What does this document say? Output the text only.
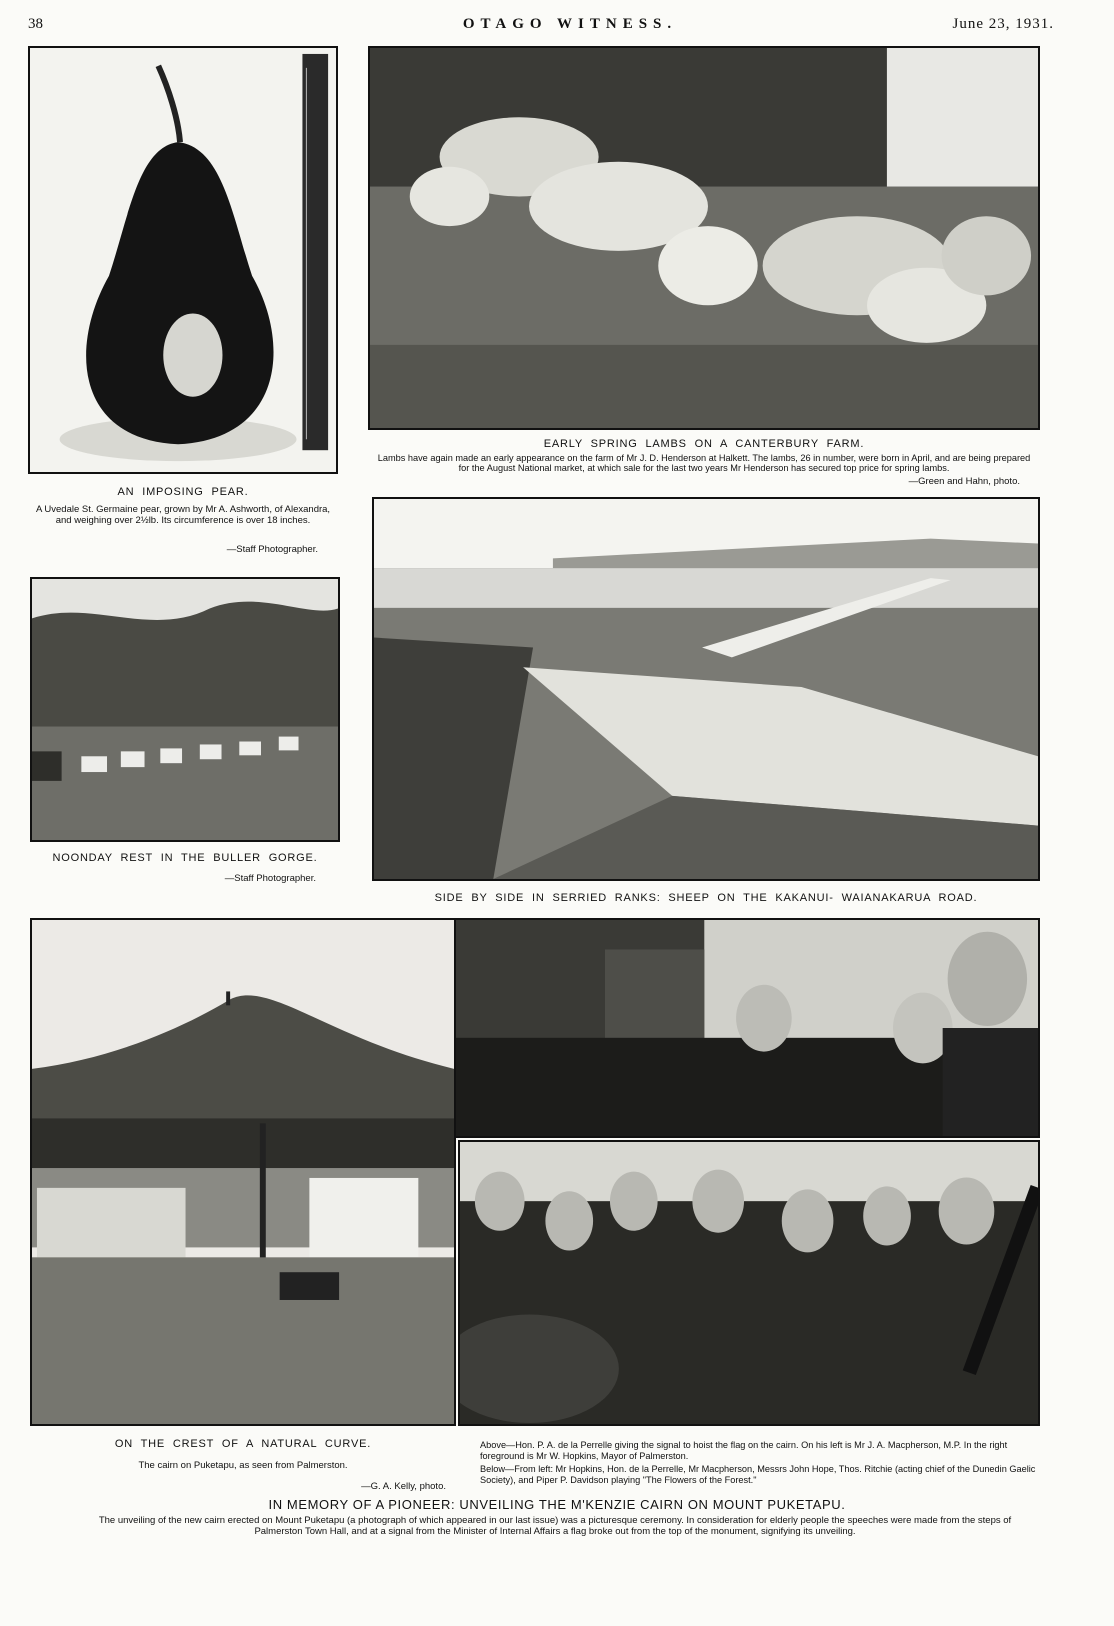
38	OTAGO WITNESS.	June 23, 1931.
AN IMPOSING PEAR.
A Uvedale St. Germaine pear, grown by Mr A. Ashworth, of Alexandra, and weighing over 2½lb. Its circumference is over 18 inches.
—Staff Photographer.
EARLY SPRING LAMBS ON A CANTERBURY FARM.
Lambs have again made an early appearance on the farm of Mr J. D. Henderson at Halkett. The lambs, 26 in number, were born in April, and are being prepared for the August National market, at which sale for the last two years Mr Henderson has secured top price for spring lambs.
—Green and Hahn, photo.
NOONDAY REST IN THE BULLER GORGE.
—Staff Photographer.
SIDE BY SIDE IN SERRIED RANKS: SHEEP ON THE KAKANUI- WAIANAKARUA ROAD.
ON THE CREST OF A NATURAL CURVE.
The cairn on Puketapu, as seen from Palmerston.
—G. A. Kelly, photo.
Above—Hon. P. A. de la Perrelle giving the signal to hoist the flag on the cairn. On his left is Mr J. A. Macpherson, M.P. In the right foreground is Mr W. Hopkins, Mayor of Palmerston.
Below—From left: Mr Hopkins, Hon. de la Perrelle, Mr Macpherson, Messrs John Hope, Thos. Ritchie (acting chief of the Dunedin Gaelic Society), and Piper P. Davidson playing "The Flowers of the Forest."
IN MEMORY OF A PIONEER: UNVEILING THE M'KENZIE CAIRN ON MOUNT PUKETAPU.
The unveiling of the new cairn erected on Mount Puketapu (a photograph of which appeared in our last issue) was a picturesque ceremony. In consideration for elderly people the speeches were made from the steps of Palmerston Town Hall, and at a signal from the Minister of Internal Affairs a flag broke out from the top of the monument, signifying its unveiling.
